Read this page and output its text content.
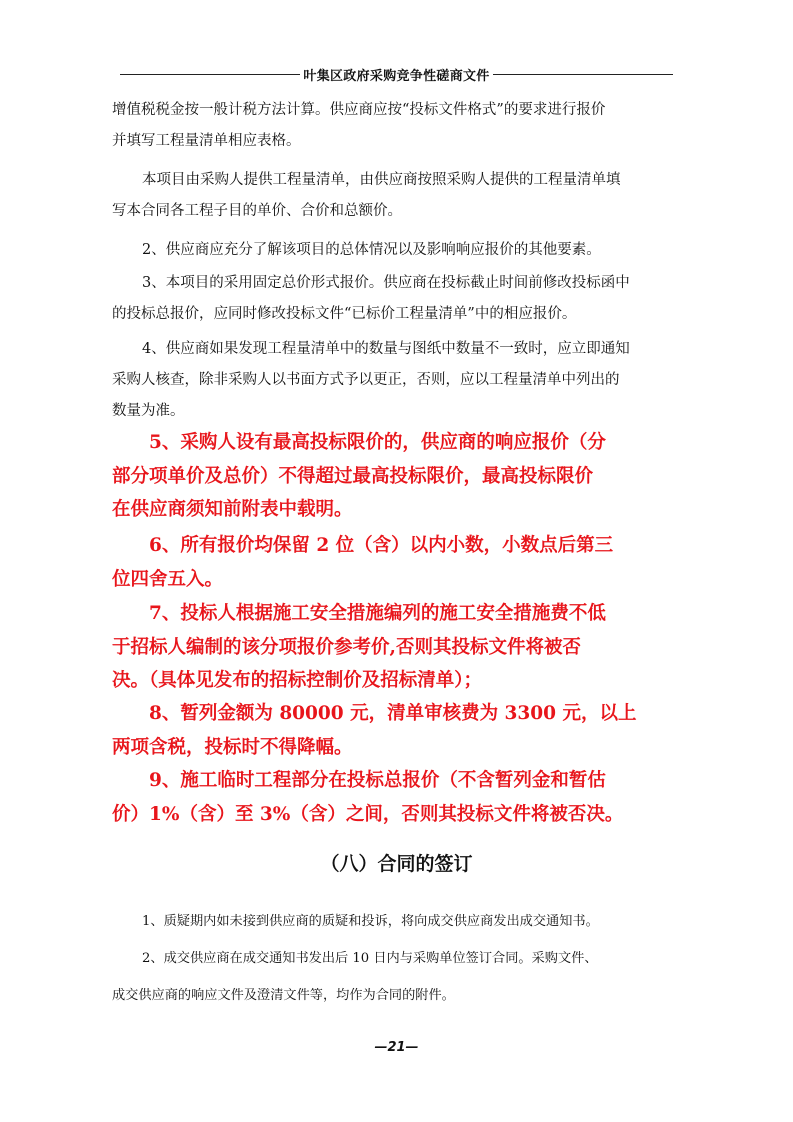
叶集区政府采购竞争性磋商文件
增值税税金按一般计税方法计算。供应商应按“投标文件格式”的要求进行报价
并填写工程量清单相应表格。
本项目由采购人提供工程量清单，由供应商按照采购人提供的工程量清单填
写本合同各工程子目的单价、合价和总额价。
2、供应商应充分了解该项目的总体情况以及影响响应报价的其他要素。
3、本项目的采用固定总价形式报价。供应商在投标截止时间前修改投标函中
的投标总报价，应同时修改投标文件“已标价工程量清单”中的相应报价。
4、供应商如果发现工程量清单中的数量与图纸中数量不一致时，应立即通知
采购人核查，除非采购人以书面方式予以更正，否则，应以工程量清单中列出的
数量为准。
5、采购人设有最高投标限价的，供应商的响应报价（分
部分项单价及总价）不得超过最高投标限价，最高投标限价
在供应商须知前附表中载明。
6、所有报价均保留 2 位（含）以内小数，小数点后第三
位四舍五入。
7、投标人根据施工安全措施编列的施工安全措施费不低
于招标人编制的该分项报价参考价,否则其投标文件将被否
决。（具体见发布的招标控制价及招标清单）；
8、暂列金额为 80000 元，清单审核费为 3300 元，以上
两项含税，投标时不得降幅。
9、施工临时工程部分在投标总报价（不含暂列金和暂估
价）1%（含）至 3%（含）之间，否则其投标文件将被否决。
（八）合同的签订
1、质疑期内如未接到供应商的质疑和投诉，将向成交供应商发出成交通知书。
2、成交供应商在成交通知书发出后 10 日内与采购单位签订合同。采购文件、
成交供应商的响应文件及澄清文件等，均作为合同的附件。
—21—
